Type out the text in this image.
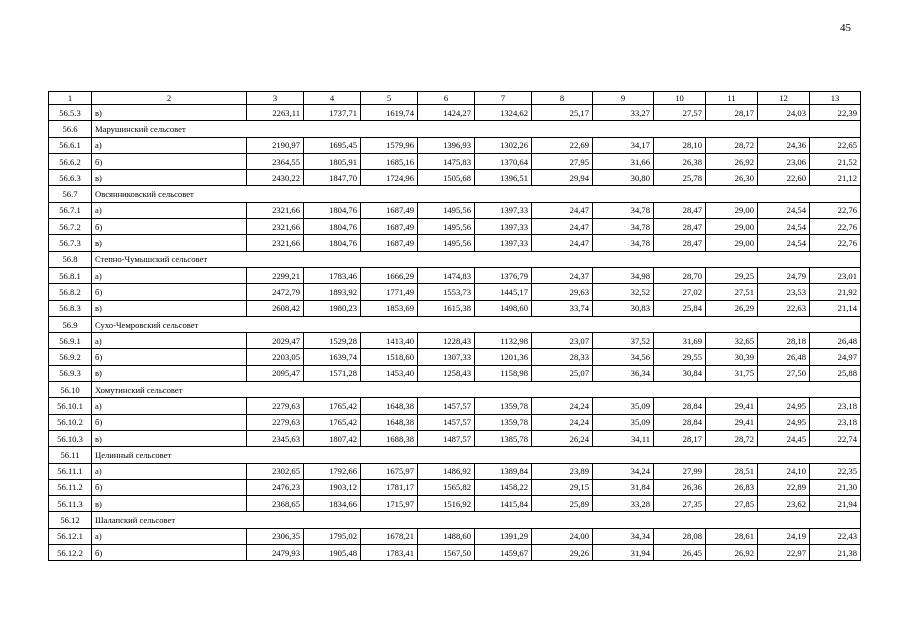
45
1	2	3	4	5	6	7	8	9	10	11	12	13
56.5.3	в)	2263,11	1737,71	1619,74	1424,27	1324,62	25,17	33,27	27,57	28,17	24,03	22,39
56.6	Марушинский сельсовет											
56.6.1	а)	2190,97	1695,45	1579,96	1396,93	1302,26	22,69	34,17	28,10	28,72	24,36	22,65
56.6.2	б)	2364,55	1805,91	1685,16	1475,83	1370,64	27,95	31,66	26,38	26,92	23,06	21,52
56.6.3	в)	2430,22	1847,70	1724,96	1505,68	1396,51	29,94	30,80	25,78	26,30	22,60	21,12
56.7	Овсянниковский сельсовет											
56.7.1	а)	2321,66	1804,76	1687,49	1495,56	1397,33	24,47	34,78	28,47	29,00	24,54	22,76
56.7.2	б)	2321,66	1804,76	1687,49	1495,56	1397,33	24,47	34,78	28,47	29,00	24,54	22,76
56.7.3	в)	2321,66	1804,76	1687,49	1495,56	1397,33	24,47	34,78	28,47	29,00	24,54	22,76
56.8	Степно-Чумышский сельсовет											
56.8.1	а)	2299,21	1783,46	1666,29	1474,83	1376,79	24,37	34,98	28,70	29,25	24,79	23,01
56.8.2	б)	2472,79	1893,92	1771,49	1553,73	1445,17	29,63	32,52	27,02	27,51	23,53	21,92
56.8.3	в)	2608,42	1980,23	1853,69	1615,38	1498,60	33,74	30,83	25,84	26,29	22,63	21,14
56.9	Сухо-Чемровский сельсовет											
56.9.1	а)	2029,47	1529,28	1413,40	1228,43	1132,98	23,07	37,52	31,69	32,65	28,18	26,48
56.9.2	б)	2203,05	1639,74	1518,60	1307,33	1201,36	28,33	34,56	29,55	30,39	26,48	24,97
56.9.3	в)	2095,47	1571,28	1453,40	1258,43	1158,98	25,07	36,34	30,84	31,75	27,50	25,88
56.10	Хомутинский сельсовет											
56.10.1	а)	2279,63	1765,42	1648,38	1457,57	1359,78	24,24	35,09	28,84	29,41	24,95	23,18
56.10.2	б)	2279,63	1765,42	1648,38	1457,57	1359,78	24,24	35,09	28,84	29,41	24,95	23,18
56.10.3	в)	2345,63	1807,42	1688,38	1487,57	1385,78	26,24	34,11	28,17	28,72	24,45	22,74
56.11	Целинный сельсовет											
56.11.1	а)	2302,65	1792,66	1675,97	1486,92	1389,84	23,89	34,24	27,99	28,51	24,10	22,35
56.11.2	б)	2476,23	1903,12	1781,17	1565,82	1458,22	29,15	31,84	26,36	26,83	22,89	21,30
56.11.3	в)	2368,65	1834,66	1715,97	1516,92	1415,84	25,89	33,28	27,35	27,85	23,62	21,94
56.12	Шалапский сельсовет											
56.12.1	а)	2306,35	1795,02	1678,21	1488,60	1391,29	24,00	34,34	28,08	28,61	24,19	22,43
56.12.2	б)	2479,93	1905,48	1783,41	1567,50	1459,67	29,26	31,94	26,45	26,92	22,97	21,38
